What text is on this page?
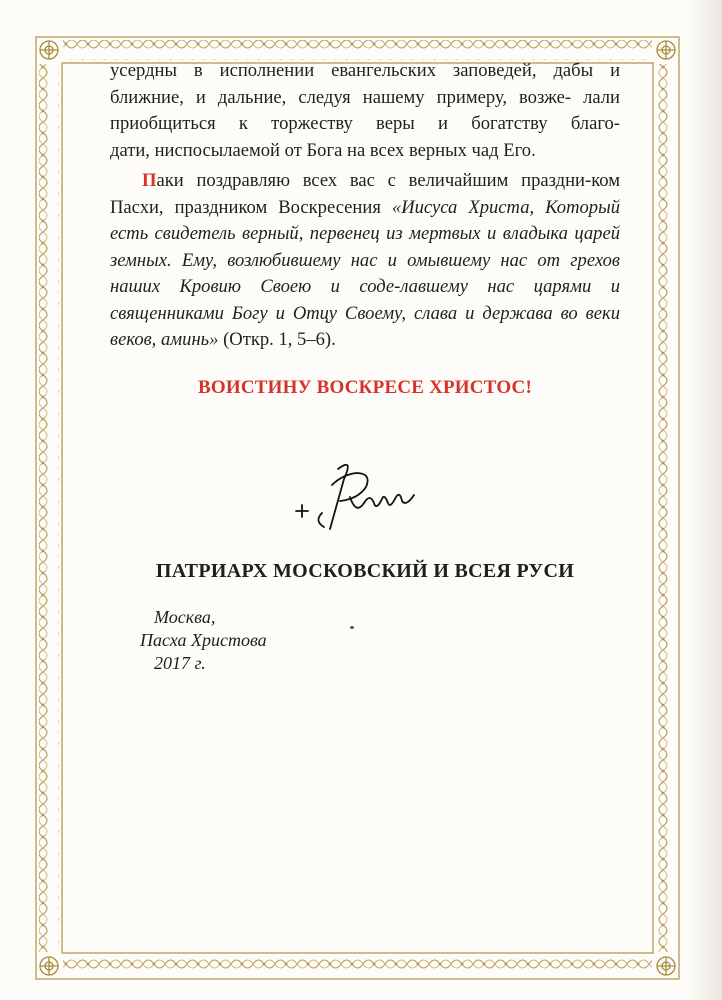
усердны в исполнении евангельских заповедей, дабы и ближние, и дальние, следуя нашему примеру, возже- лали приобщиться к торжеству веры и богатству благо-
дати, ниспосылаемой от Бога на всех верных чад Его.

Паки поздравляю всех вас с величайшим праздни-ком Пасхи, праздником Воскресения «Иисуса Христа, Который есть свидетель верный, первенец из мертвых и владыка царей земных. Ему, возлюбившему нас и омывшему нас от грехов наших Кровию Своею и соде-лавшему нас царями и священниками Богу и Отцу Своему, слава и держава во веки веков, аминь» (Откр. 1, 5–6).

ВОИСТИНУ ВОСКРЕСЕ ХРИСТОС!
ПАТРИАРХ МОСКОВСКИЙ И ВСЕЯ РУСИ
Москва,
Пасха Христова
2017 г.
